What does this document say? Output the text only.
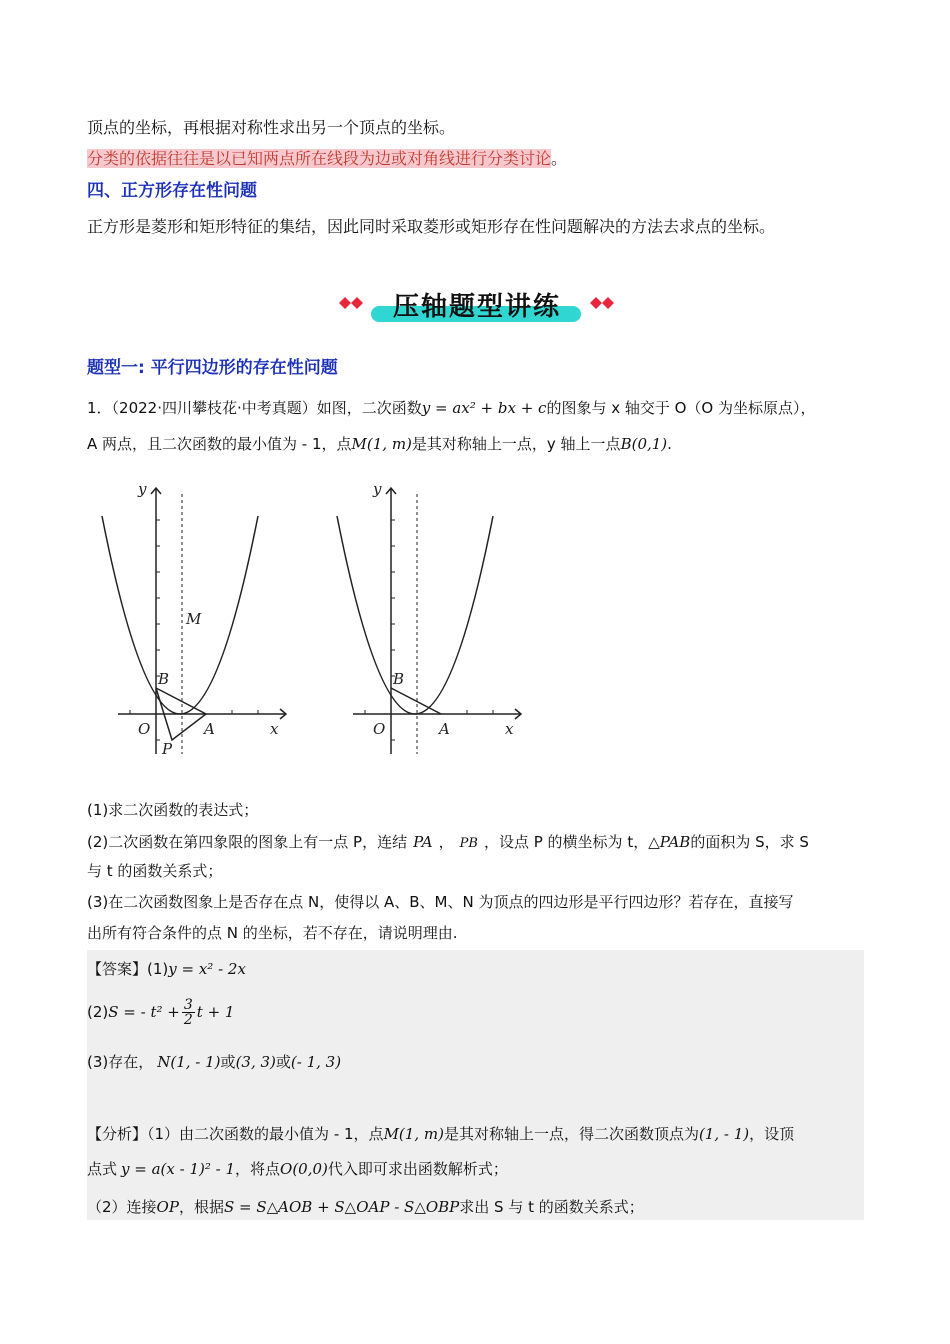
顶点的坐标，再根据对称性求出另一个顶点的坐标。
分类的依据往往是以已知两点所在线段为边或对角线进行分类讨论。
四、正方形存在性问题
正方形是菱形和矩形特征的集结，因此同时采取菱形或矩形存在性问题解决的方法去求点的坐标。
压轴题型讲练
题型一: 平行四边形的存在性问题
1．（2022·四川攀枝花·中考真题）如图，二次函数y = ax² + bx + c的图象与 x 轴交于 O（O 为坐标原点），
A 两点，且二次函数的最小值为 - 1，点M(1, m)是其对称轴上一点，y 轴上一点B(0,1).
y
x
O	A
B
M
P
y
x
O	A
B
(1)求二次函数的表达式；
(2)二次函数在第四象限的图象上有一点 P，连结 PA ， PB ，设点 P 的横坐标为 t，△PAB的面积为 S，求 S
与 t 的函数关系式；
(3)在二次函数图象上是否存在点 N，使得以 A、B、M、N 为顶点的四边形是平行四边形？若存在，直接写
出所有符合条件的点 N 的坐标，若不存在，请说明理由.
【答案】(1)y = x² - 2x
(2)S = - $t^2 + \frac{3}{2}$ t + 1
(3)存在， N(1, - 1)或(3, 3)或(- 1, 3)
【分析】（1）由二次函数的最小值为 - 1，点M(1, m)是其对称轴上一点，得二次函数顶点为(1, - 1)，设顶
点式 y = a(x - 1)² - 1，将点O(0,0)代入即可求出函数解析式；
（2）连接OP，根据S = S△AOB + S△OAP - S△OBP求出 S 与 t 的函数关系式；
